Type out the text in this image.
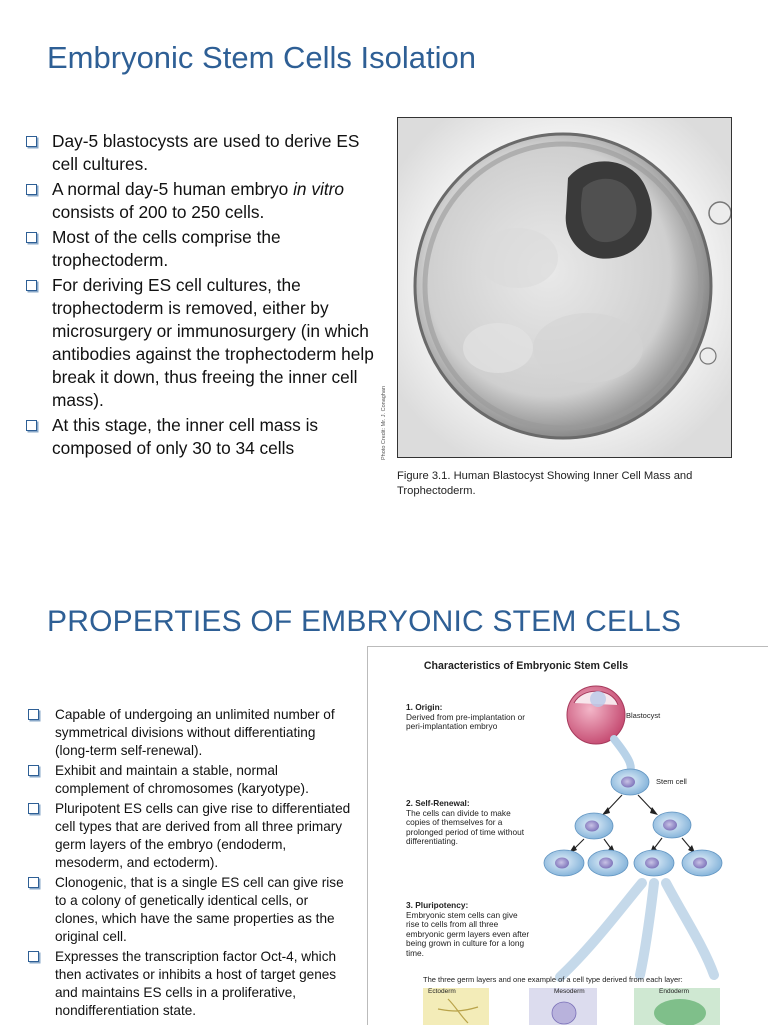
Embryonic Stem Cells Isolation
Day-5 blastocysts are used to derive ES cell cultures.
A normal day-5 human embryo in vitro consists of 200 to 250 cells.
Most of the cells comprise the trophectoderm.
For deriving ES cell cultures, the trophectoderm is removed, either by microsurgery or immunosurgery (in which antibodies against the trophectoderm help break it down, thus freeing the inner cell mass).
At this stage, the inner cell mass is composed of only 30 to 34 cells	Photo Credit: Mr. J. Conaghan
Figure 3.1. Human Blastocyst Showing Inner Cell Mass and Trophectoderm.
PROPERTIES OF EMBRYONIC STEM CELLS
Capable of undergoing an unlimited number of symmetrical divisions without differentiating (long-term self-renewal).
Exhibit and maintain a stable, normal complement of chromosomes (karyotype).
Pluripotent ES cells can give rise to differentiated cell types that are derived from all three primary germ layers of the embryo (endoderm, mesoderm, and ectoderm).
Clonogenic, that is a single ES cell can give rise to a colony of genetically identical cells, or clones, which have the same properties as the original cell.
Expresses the transcription factor Oct-4, which then activates or inhibits a host of target genes and maintains ES cells in a proliferative, nondifferentiation state.
Characteristics of Embryonic Stem Cells
1. Origin:
Derived from pre-implantation or peri-implantation embryo
Blastocyst
Stem cell
2. Self-Renewal:
The cells can divide to make copies of themselves for a prolonged period of time without differentiating.
3. Pluripotency:
Embryonic stem cells can give rise to cells from all three embryonic germ layers even after being grown in culture for a long time.
The three germ layers and one example of a cell type derived from each layer:
Ectoderm	Mesoderm	Endoderm
